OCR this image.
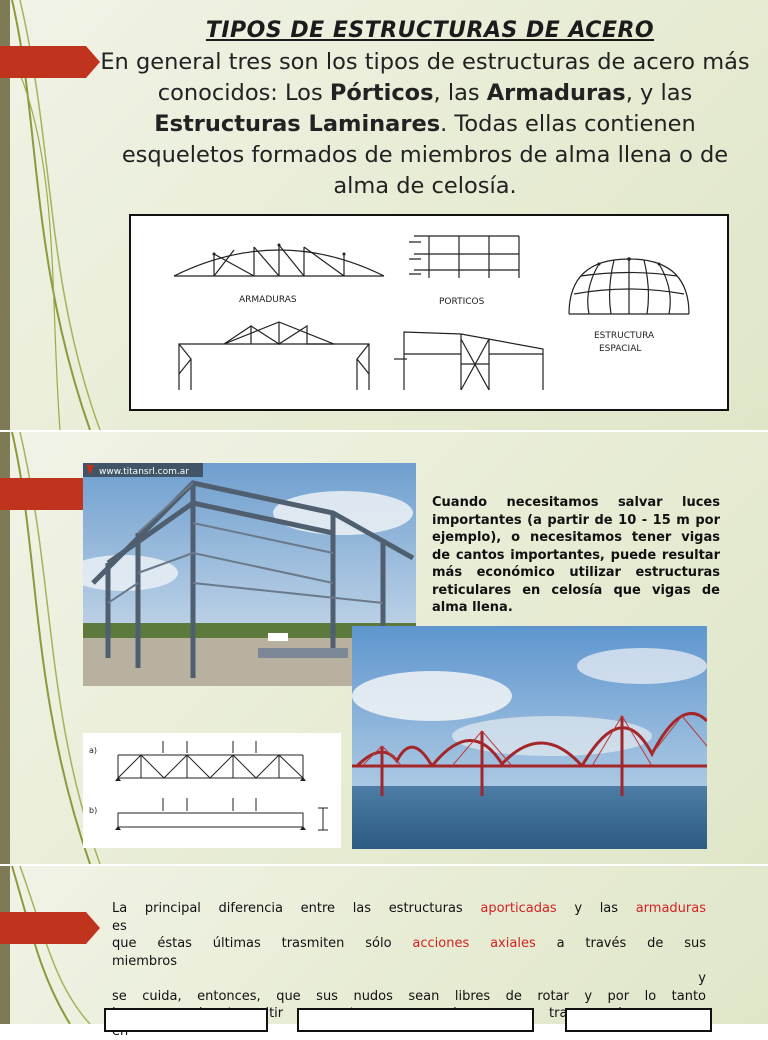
TIPOS DE ESTRUCTURAS DE ACERO
En general tres son los tipos de estructuras de acero más conocidos: Los Pórticos, las Armaduras, y las Estructuras Laminares. Todas ellas contienen esqueletos formados de miembros de alma llena o de alma de celosía.
ARMADURAS	PORTICOS
ESTRUCTURA
ESPACIAL
www.titansrl.com.ar
Cuando necesitamos salvar luces importantes (a partir de 10 - 15 m por ejemplo), o necesitamos tener vigas de cantos importantes, puede resultar más económico utilizar estructuras reticulares en celosía que vigas de alma llena.
a)
b)
La principal diferencia entre las estructuras aporticadas y las armaduras
es
que éstas últimas trasmiten sólo acciones axiales a través de sus
miembros
y
se cuida, entonces, que sus nudos sean libres de rotar y por lo tanto
